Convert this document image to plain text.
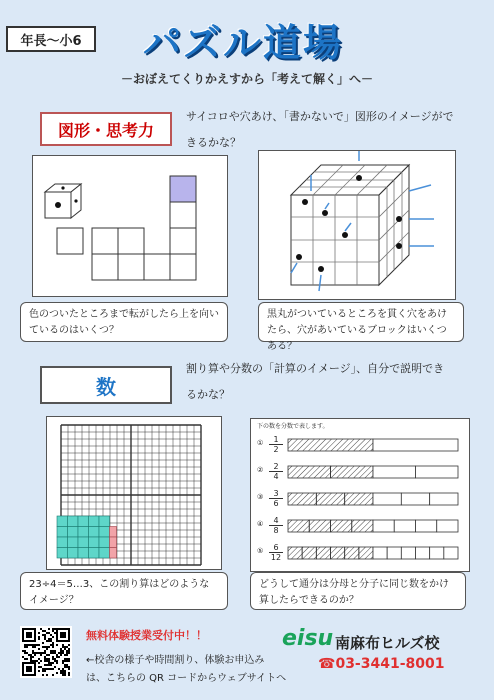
年長～小6	パズル道場
－おぼえてくりかえすから「考えて解く」へ－
図形・思考力
サイコロや穴あけ、「書かないで」図形のイメージがで
きるかな？
色のついたところまで転がしたら上を向いているのはいくつ？
黒丸がついているところを貫く穴をあけたら、穴があいているブロックはいくつある？
数
割り算や分数の「計算のイメージ」、自分で説明でき
るかな？
下の数を分数で表します。
① $\frac{1}{2}$
② $\frac{2}{4}$
③ $\frac{3}{6}$
④ $\frac{4}{8}$
⑤ $\frac{6}{12}$
23÷4＝5…3、この割り算はどのようなイメージ？
どうして通分は分母と分子に同じ数をかけ算したらできるのか？
無料体験授業受付中！！
←校舎の様子や時間割り、体験お申込み
は、こちらの QR コードからウェブサイトへ
eisu 南麻布ヒルズ校
☎03-3441-8001
